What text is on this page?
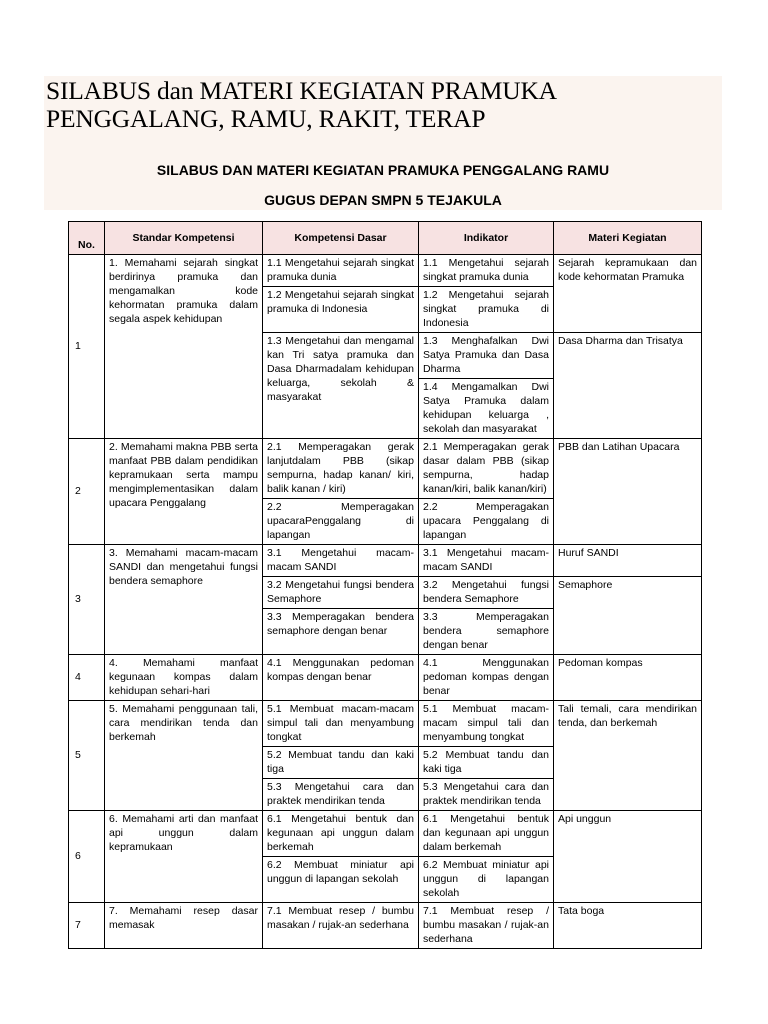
SILABUS dan MATERI KEGIATAN PRAMUKA PENGGALANG, RAMU, RAKIT, TERAP
SILABUS DAN MATERI KEGIATAN PRAMUKA PENGGALANG RAMU
GUGUS DEPAN SMPN 5 TEJAKULA
No.	Standar Kompetensi	Kompetensi Dasar	Indikator	Materi Kegiatan
1	1. Memahami sejarah singkat berdirinya pramuka dan mengamalkan kode kehormatan pramuka dalam segala aspek kehidupan	1.1 Mengetahui sejarah singkat pramuka dunia	1.1 Mengetahui sejarah singkat pramuka dunia	Sejarah kepramukaan dan kode kehormatan Pramuka
		1.2 Mengetahui sejarah singkat pramuka di Indonesia	1.2 Mengetahui sejarah singkat pramuka di Indonesia	
		1.3 Mengetahui dan mengamal kan Tri satya pramuka dan Dasa Dharmadalam kehidupan keluarga, sekolah & masyarakat	1.3 Menghafalkan Dwi Satya Pramuka dan Dasa Dharma	Dasa Dharma dan Trisatya
			1.4 Mengamalkan Dwi Satya Pramuka dalam kehidupan keluarga , sekolah dan masyarakat	
2	2. Memahami makna PBB serta manfaat PBB dalam pendidikan kepramukaan serta mampu mengimplementasikan dalam upacara Penggalang	2.1 Memperagakan gerak lanjutdalam PBB (sikap sempurna, hadap kanan/ kiri, balik kanan / kiri)	2.1 Memperagakan gerak dasar dalam PBB (sikap sempurna, hadap kanan/kiri, balik kanan/kiri)	PBB dan Latihan Upacara
		2.2 Memperagakan upacaraPenggalang di lapangan	2.2 Memperagakan upacara Penggalang di lapangan	
3	3. Memahami macam-macam SANDI dan mengetahui fungsi bendera semaphore	3.1 Mengetahui macam-macam SANDI	3.1 Mengetahui macam-macam SANDI	Huruf SANDI
		3.2 Mengetahui fungsi bendera Semaphore	3.2 Mengetahui fungsi bendera Semaphore	Semaphore
		3.3 Memperagakan bendera semaphore dengan benar	3.3 Memperagakan bendera semaphore dengan benar	
4	4. Memahami manfaat kegunaan kompas dalam kehidupan sehari-hari	4.1 Menggunakan pedoman kompas dengan benar	4.1 Menggunakan pedoman kompas dengan benar	Pedoman kompas
5	5. Memahami penggunaan tali, cara mendirikan tenda dan berkemah	5.1 Membuat macam-macam simpul tali dan menyambung tongkat	5.1 Membuat macam-macam simpul tali dan menyambung tongkat	Tali temali, cara mendirikan tenda, dan berkemah
		5.2 Membuat tandu dan kaki tiga	5.2 Membuat tandu dan kaki tiga	
		5.3 Mengetahui cara dan praktek mendirikan tenda	5.3 Mengetahui cara dan praktek mendirikan tenda	
6	6. Memahami arti dan manfaat api unggun dalam kepramukaan	6.1 Mengetahui bentuk dan kegunaan api unggun dalam berkemah	6.1 Mengetahui bentuk dan kegunaan api unggun dalam berkemah	Api unggun
		6.2 Membuat miniatur api unggun di lapangan sekolah	6.2 Membuat miniatur api unggun di lapangan sekolah	
7	7. Memahami resep dasar memasak	7.1 Membuat resep / bumbu masakan / rujak-an sederhana	7.1 Membuat resep / bumbu masakan / rujak-an sederhana	Tata boga
